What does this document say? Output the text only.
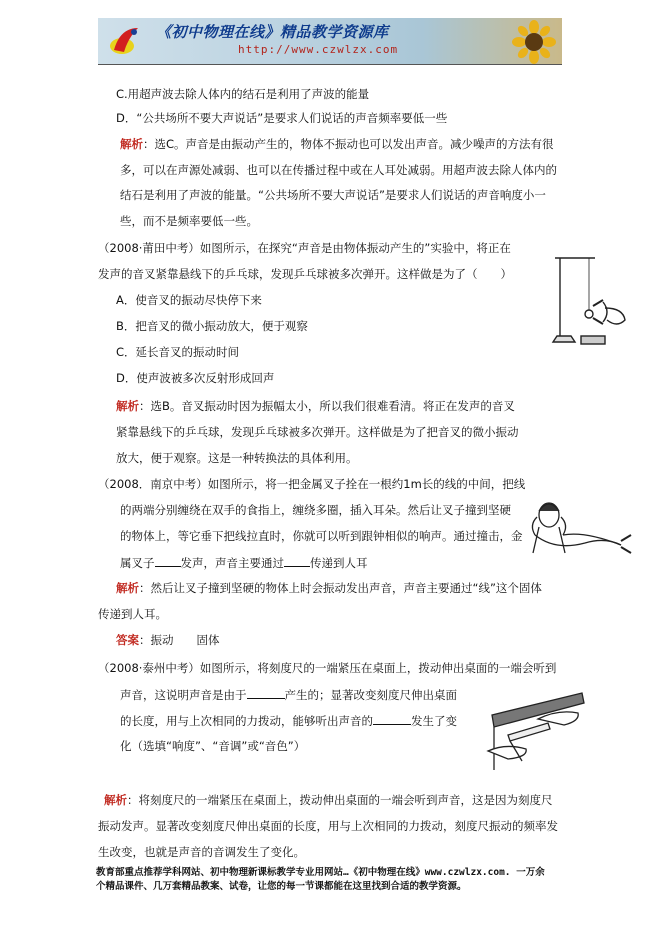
《初中物理在线》精品教学资源库
http://www.czwlzx.com
C.用超声波去除人体内的结石是利用了声波的能量
D．“公共场所不要大声说话”是要求人们说话的声音频率要低一些
解析：选C。声音是由振动产生的，物体不振动也可以发出声音。减少噪声的方法有很
多，可以在声源处减弱、也可以在传播过程中或在人耳处减弱。用超声波去除人体内的
结石是利用了声波的能量。“公共场所不要大声说话”是要求人们说话的声音响度小一
些，而不是频率要低一些。
（2008·莆田中考）如图所示，在探究“声音是由物体振动产生的”实验中，将正在
发声的音叉紧靠悬线下的乒乓球，发现乒乓球被多次弹开。这样做是为了（　　）
A．使音叉的振动尽快停下来
B．把音叉的微小振动放大，便于观察
C．延长音叉的振动时间
D．使声波被多次反射形成回声
解析：选B。音叉振动时因为振幅太小，所以我们很难看清。将正在发声的音叉
紧靠悬线下的乒乓球，发现乒乓球被多次弹开。这样做是为了把音叉的微小振动
放大，便于观察。这是一种转换法的具体利用。
（2008．南京中考）如图所示，将一把金属叉子拴在一根约1m长的线的中间，把线
的两端分别缠绕在双手的食指上，缠绕多圈，插入耳朵。然后让叉子撞到坚硬
的物体上，等它垂下把线拉直时，你就可以听到跟钟相似的响声。通过撞击，金
属叉子 发声，声音主要通过 传递到人耳
解析：然后让叉子撞到坚硬的物体上时会振动发出声音，声音主要通过“线”这个固体
传递到人耳。
答案：振动　　固体
（2008·泰州中考）如图所示，将刻度尺的一端紧压在桌面上，拨动伸出桌面的一端会听到
声音，这说明声音是由于	产生的；显著改变刻度尺伸出桌面
的长度，用与上次相同的力拨动，能够听出声音的	发生了变
化（选填“响度”、“音调”或“音色”）
解析：将刻度尺的一端紧压在桌面上，拨动伸出桌面的一端会听到声音，这是因为刻度尺
振动发声。显著改变刻度尺伸出桌面的长度，用与上次相同的力拨动，刻度尺振动的频率发
生改变，也就是声音的音调发生了变化。
教育部重点推荐学科网站、初中物理新课标教学专业用网站…《初中物理在线》www.czwlzx.com. 一万余
个精品课件、几万套精品教案、试卷，让您的每一节课都能在这里找到合适的教学资源。
